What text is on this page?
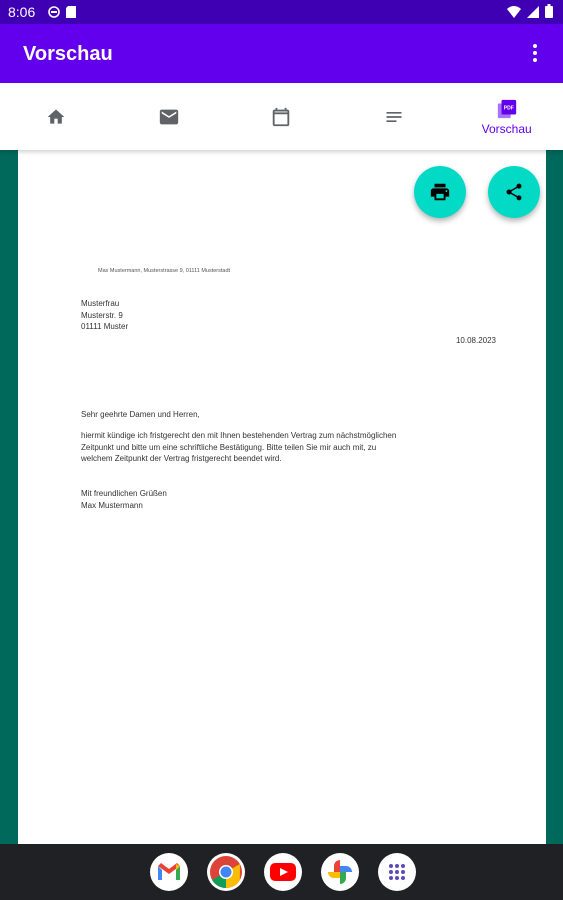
8:06
Vorschau
PDF
Vorschau
Max Mustermann, Musterstrasse 9, 01111 Musterstadt
Musterfrau
Musterstr. 9
01111 Muster
10.08.2023
Sehr geehrte Damen und Herren,
hiermit kündige ich fristgerecht den mit Ihnen bestehenden Vertrag zum nächstmöglichen
Zeitpunkt und bitte um eine schriftliche Bestätigung. Bitte teilen Sie mir auch mit, zu
welchem Zeitpunkt der Vertrag fristgerecht beendet wird.
Mit freundlichen Grüßen
Max Mustermann
